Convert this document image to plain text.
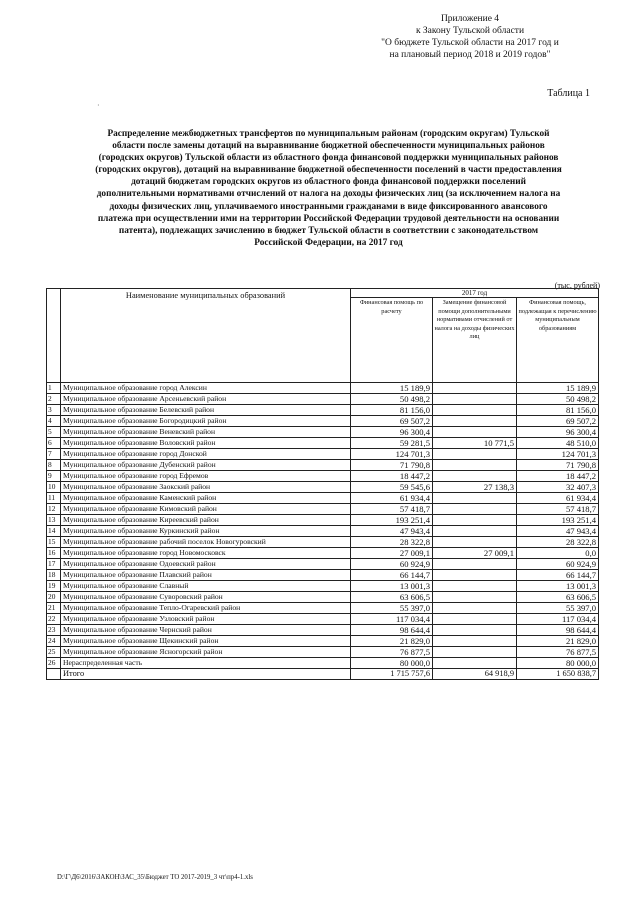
Приложение 4
к Закону Тульской области
"О бюджете Тульской области на 2017 год и
на плановый период 2018 и 2019 годов"
Таблица 1
·
Распределение межбюджетных трансфертов по муниципальным районам (городским округам) Тульской
области после замены дотаций на выравнивание бюджетной обеспеченности муниципальных районов
(городских округов) Тульской области из областного фонда финансовой поддержки муниципальных районов
(городских округов), дотаций на выравнивание бюджетной обеспеченности поселений в части предоставления
дотаций бюджетам городских округов из областного фонда финансовой поддержки поселений
дополнительными нормативами отчислений от налога на доходы физических лиц (за исключением налога на
доходы физических лиц, уплачиваемого иностранными гражданами в виде фиксированного авансового
платежа при осуществлении ими на территории Российской Федерации трудовой деятельности на основании
патента), подлежащих зачислению в бюджет Тульской области в соответствии с законодательством
Российской Федерации, на 2017 год
(тыс. рублей)
	Наименование муниципальных образований	2017 год		
		Финансовая помощь по расчету	Замещение финансовой помощи дополнительными нормативами отчислений от налога на доходы физических лиц	Финансовая помощь, подлежащая к перечислению муниципальным образованиям
1	Муниципальное образование город Алексин	15 189,9		15 189,9
2	Муниципальное образование Арсеньевский район	50 498,2		50 498,2
3	Муниципальное образование Белевский район	81 156,0		81 156,0
4	Муниципальное образование Богородицкий район	69 507,2		69 507,2
5	Муниципальное образование Веневский район	96 300,4		96 300,4
6	Муниципальное образование Воловский район	59 281,5	10 771,5	48 510,0
7	Муниципальное образование город Донской	124 701,3		124 701,3
8	Муниципальное образование Дубенский район	71 790,8		71 790,8
9	Муниципальное образование город Ефремов	18 447,2		18 447,2
10	Муниципальное образование Заокский район	59 545,6	27 138,3	32 407,3
11	Муниципальное образование Каменский район	61 934,4		61 934,4
12	Муниципальное образование Кимовский район	57 418,7		57 418,7
13	Муниципальное образование Киреевский район	193 251,4		193 251,4
14	Муниципальное образование Куркинский район	47 943,4		47 943,4
15	Муниципальное образование рабочий поселок Новогуровский	28 322,8		28 322,8
16	Муниципальное образование город Новомосковск	27 009,1	27 009,1	0,0
17	Муниципальное образование Одоевский район	60 924,9		60 924,9
18	Муниципальное образование Плавский район	66 144,7		66 144,7
19	Муниципальное образование Славный	13 001,3		13 001,3
20	Муниципальное образование Суворовский район	63 606,5		63 606,5
21	Муниципальное образование Тепло-Огаревский район	55 397,0		55 397,0
22	Муниципальное образование Узловский район	117 034,4		117 034,4
23	Муниципальное образование Чернский район	98 644,4		98 644,4
24	Муниципальное образование Щекинский район	21 829,0		21 829,0
25	Муниципальное образование Ясногорский район	76 877,5		76 877,5
26	Нераспределенная часть	80 000,0		80 000,0
	Итого	1 715 757,6	64 918,9	1 650 838,7
D:\Г\Д6\2016\ЗАКОН\ЗАС_35\Бюджет ТО 2017-2019_3 чт\пр4-1.xls
